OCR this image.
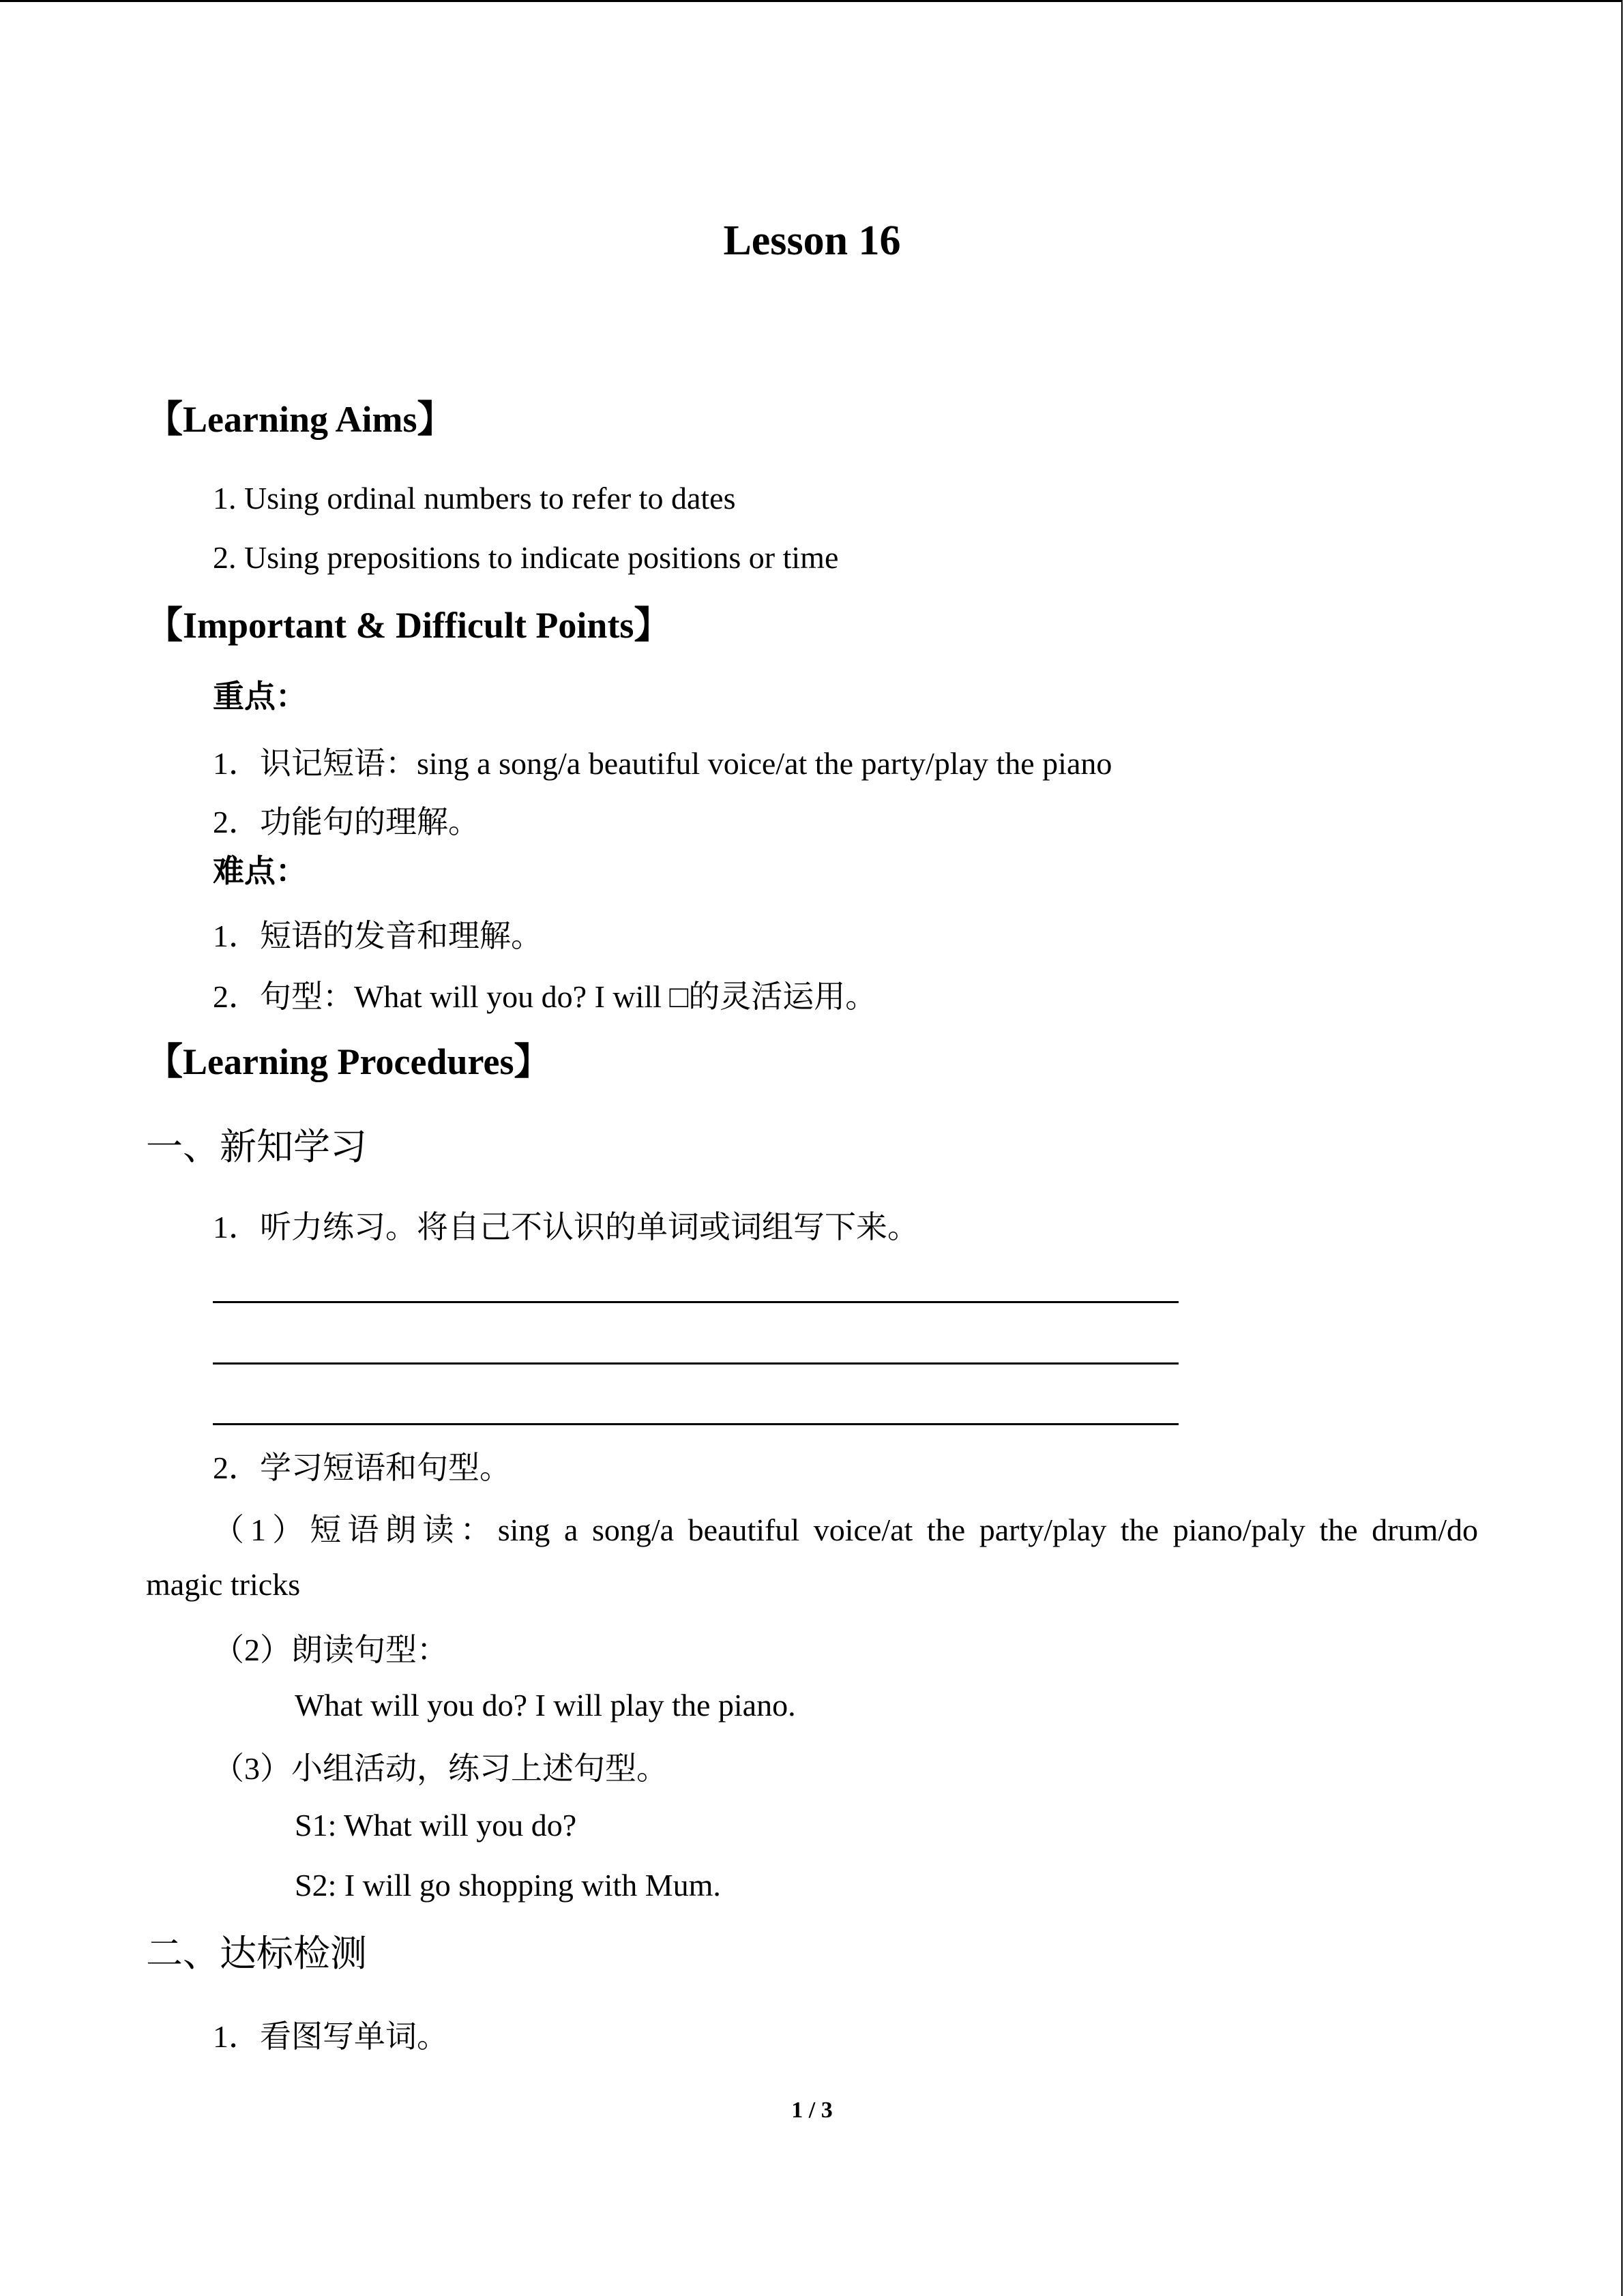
Lesson 16
【Learning Aims】
1. Using ordinal numbers to refer to dates
2. Using prepositions to indicate positions or time
【Important & Difficult Points】
重点：
1．识记短语：sing a song/a beautiful voice/at the party/play the piano
2．功能句的理解。
难点：
1．短语的发音和理解。
2．句型：What will you do? I will □的灵活运用。
【Learning Procedures】
一、新知学习
1．听力练习。将自己不认识的单词或词组写下来。
2．学习短语和句型。
（1）短语朗读：sing a song/a beautiful voice/at the party/play the piano/paly the drum/do
magic tricks
（2）朗读句型：
What will you do? I will play the piano.
（3）小组活动，练习上述句型。
S1: What will you do?
S2: I will go shopping with Mum.
二、达标检测
1．看图写单词。
1 / 3
